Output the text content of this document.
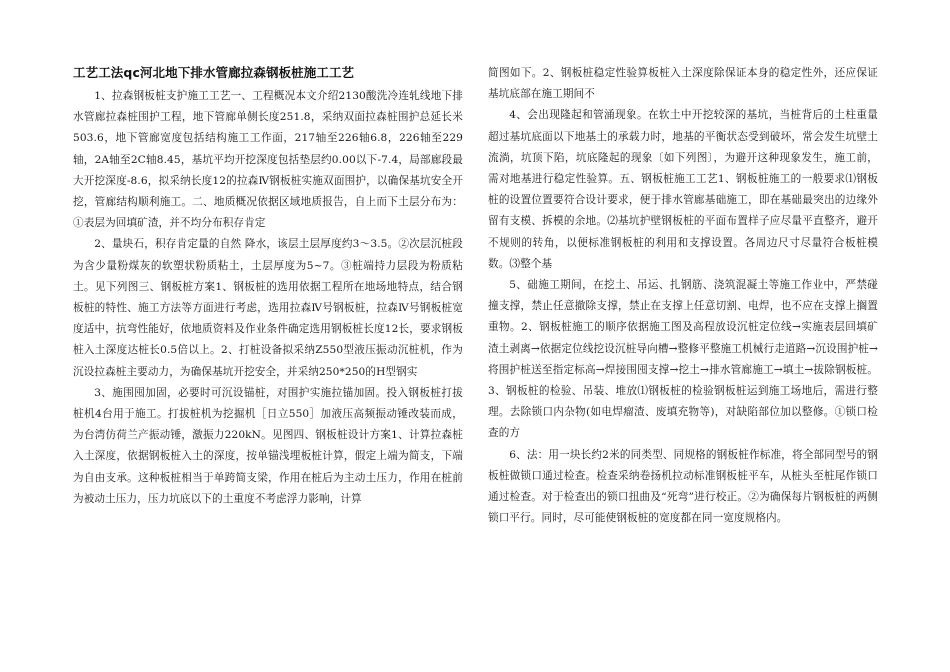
工艺工法qc河北地下排水管廊拉森钢板桩施工工艺

1、拉森钢板桩支护施工工艺一、工程概况本文介绍2130酸洗冷连轧线地下排水管廊拉森桩围护工程，地下管廊单侧长度251.8，采纳双面拉森桩围护总延长米503.6，地下管廊宽度包括结构施工工作面，217轴至226轴6.8，226轴至229轴，2A轴至2C轴8.45，基坑平均开挖深度包括垫层约0.00以下-7.4，局部廊段最大开挖深度-8.6，拟采纳长度12的拉森Ⅳ钢板桩实施双面围护，以确保基坑安全开挖，管廊结构顺利施工。二、地质概况依据区域地质报告，自上而下土层分布为：①表层为回填矿渣，并不均分布积存肯定

2、量块石，积存肯定量的自然 降水，该层土层厚度约3～3.5。②次层沉桩段为含少量粉煤灰的软塑状粉质粘土，土层厚度为5~7。③桩端持力层段为粉质粘土。见下列图三、钢板桩方案1、钢板桩的选用依据工程所在地场地特点，结合钢板桩的特性、施工方法等方面进行考虑，选用拉森Ⅳ号钢板桩，拉森Ⅳ号钢板桩宽度适中，抗弯性能好，依地质资料及作业条件确定选用钢板桩长度12长，要求钢板桩入土深度达桩长0.5倍以上。2、打桩设备拟采纳Z550型液压振动沉桩机，作为沉设拉森桩主要动力，为确保基坑开挖安全，并采纳250*250的H型钢实

3、施围囤加固，必要时可沉设锚桩，对围护实施拉锚加固。投入钢板桩打拔桩机4台用于施工。打拔桩机为挖掘机［日立550］加液压高频振动锤改装而成，为台湾仿荷兰产振动锤，激振力220kN。见图四、钢板桩设计方案1、计算拉森桩入土深度，依据钢板桩入土的深度，按单锚浅埋板桩计算，假定上端为简支，下端为自由支承。这种板桩相当于单跨简支梁，作用在桩后为主动土压力，作用在桩前为被动土压力，压力坑底以下的土重度不考虑浮力影响，计算

简图如下。2、钢板桩稳定性验算板桩入土深度除保证本身的稳定性外，还应保证基坑底部在施工期间不

4、会出现隆起和管涌现象。在软土中开挖较深的基坑，当桩背后的土柱重量超过基坑底面以下地基土的承载力时，地基的平衡状态受到破坏，常会发生坑壁土流淌，坑顶下陷，坑底隆起的现象〔如下列图〕，为避开这种现象发生，施工前，需对地基进行稳定性验算。五、钢板桩施工工艺1、钢板桩施工的一般要求⑴钢板桩的设置位置要符合设计要求，便于排水管廊基础施工，即在基础最突出的边缘外留有支模、拆模的余地。⑵基坑护壁钢板桩的平面布置样子应尽量平直整齐，避开不规则的转角，以便标准钢板桩的利用和支撑设置。各周边尺寸尽量符合板桩模数。⑶整个基

5、础施工期间，在挖土、吊运、扎钢筋、浇筑混凝土等施工作业中，严禁碰撞支撑，禁止任意撤除支撑，禁止在支撑上任意切割、电焊，也不应在支撑上搁置重物。2、钢板桩施工的顺序依据施工图及高程放设沉桩定位线→实施表层回填矿渣土剥离→依据定位线挖设沉桩导向槽→整修平整施工机械行走道路→沉设围护桩→将围护桩送至指定标高→焊接围囤支撑→挖土→排水管廊施工→填土→拔除钢板桩。3、钢板桩的检验、吊装、堆放⑴钢板桩的检验钢板桩运到施工场地后，需进行整理。去除锁口内杂物(如电焊瘤渣、废填充物等)，对缺陷部位加以整修。①锁口检查的方

6、法：用一块长约2米的同类型、同规格的钢板桩作标准，将全部同型号的钢板桩做锁口通过检查。检查采纳卷扬机拉动标准钢板桩平车，从桩头至桩尾作锁口通过检查。对于检查出的锁口扭曲及“死弯”进行校正。②为确保每片钢板桩的两侧锁口平行。同时，尽可能使钢板桩的宽度都在同一宽度规格内。
